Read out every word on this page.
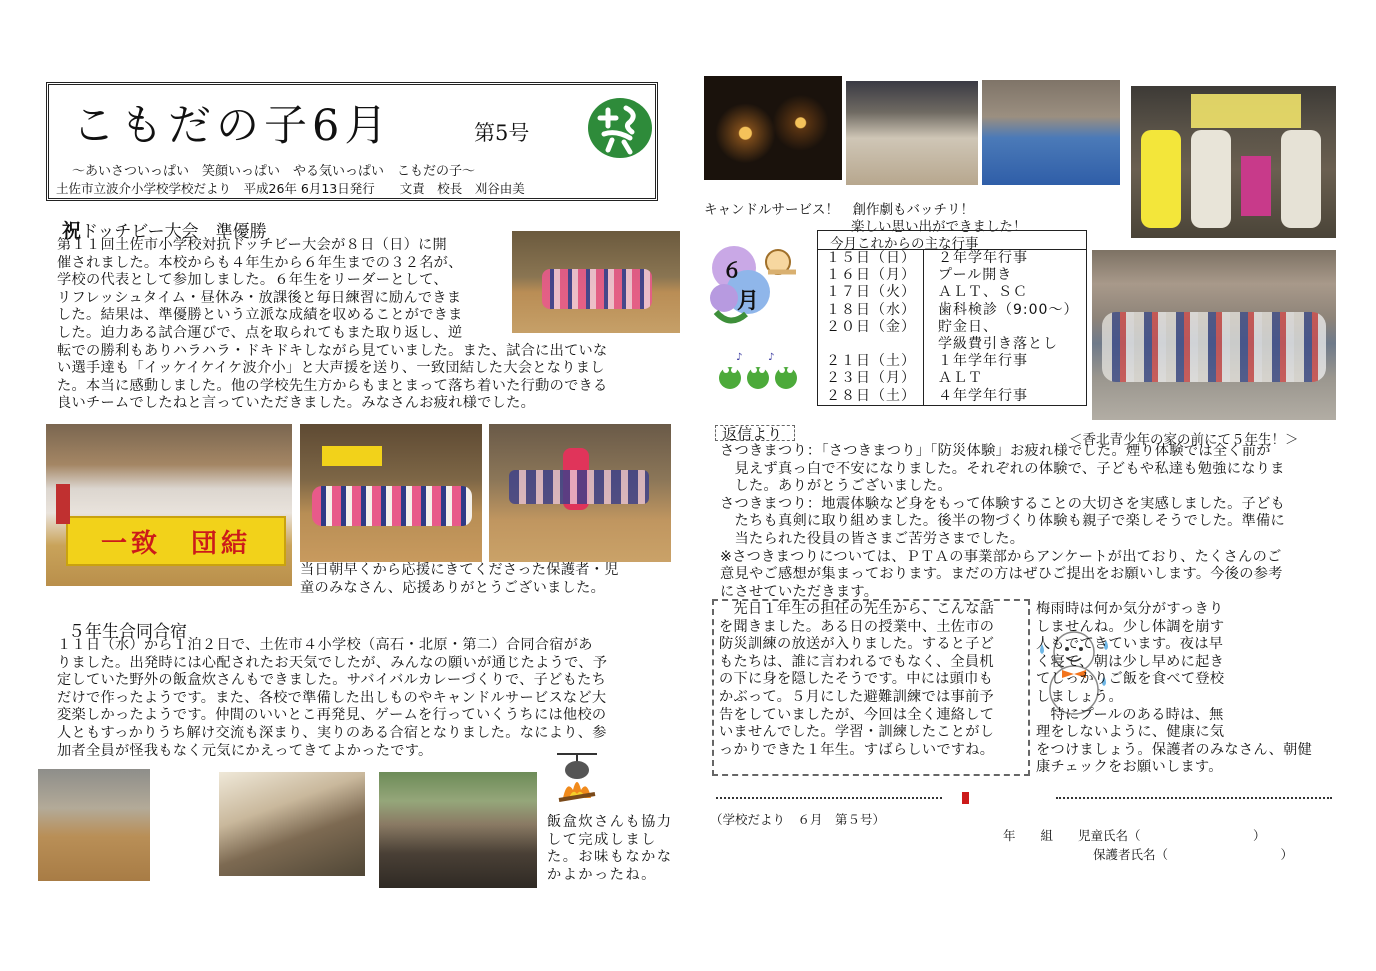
こもだの子6月	第5号
～あいさついっぱい　笑顔いっぱい　やる気いっぱい　こもだの子～
土佐市立波介小学校学校だより　平成26年 6月13日発行　　文責　校長　刈谷由美
祝ドッチビー大会　準優勝
第１１回土佐市小学校対抗ドッチビー大会が８日（日）に開
催されました。本校からも４年生から６年生までの３２名が、
学校の代表として参加しました。６年生をリーダーとして、
リフレッシュタイム・昼休み・放課後と毎日練習に励んできま
した。結果は、準優勝という立派な成績を収めることができま
した。迫力ある試合運びで、点を取られてもまた取り返し、逆
転での勝利もありハラハラ・ドキドキしながら見ていました。また、試合に出ていな
い選手達も「イッケイケイケ波介小」と大声援を送り、一致団結した大会となりまし
た。本当に感動しました。他の学校先生方からもまとまって落ち着いた行動のできる
良いチームでしたねと言っていただきました。みなさんお疲れ様でした。
一致　団結
当日朝早くから応援にきてくださった保護者・児
童のみなさん、応援ありがとうございました。
５年生合同合宿
１１日（水）から１泊２日で、土佐市４小学校（高石・北原・第二）合同合宿があ
りました。出発時には心配されたお天気でしたが、みんなの願いが通じたようで、予
定していた野外の飯盒炊さんもできました。サバイバルカレーづくりで、子どもたち
だけで作ったようです。また、各校で準備した出しものやキャンドルサービスなど大
変楽しかったようです。仲間のいいとこ再発見、ゲームを行っていくうちには他校の
人ともすっかりうち解け交流も深まり、実りのある合宿となりました。なにより、参
加者全員が怪我もなく元気にかえってきてよかったです。
飯盒炊さんも協力
して完成しまし
た。お味もなかな
かよかったね。
キャンドルサービス！　創作劇もバッチリ！
楽しい思い出ができました！
６
月
♪	♪
今月これからの主な行事
１５日（日）	２年学年行事
１６日（月）	プール開き
１７日（火）	ＡＬＴ、ＳＣ
１８日（水）	歯科検診（9:00～）
２０日（金）	貯金日、
学級費引き落とし
２１日（土）	１年学年行事
２３日（月）	ＡＬＴ
２８日（土）	４年学年行事
＜香北青少年の家の前にて５年生！＞
返信より
さつきまつり：「さつきまつり」「防災体験」お疲れ様でした。煙り体験では全く前が
　見えず真っ白で不安になりました。それぞれの体験で、子どもや私達も勉強になりま
　した。ありがとうございました。
さつきまつり：地震体験など身をもって体験することの大切さを実感しました。子ども
　たちも真剣に取り組めました。後半の物づくり体験も親子で楽しそうでした。準備に
　当たられた役員の皆さまご苦労さまでした。
※さつきまつりについては、ＰＴＡの事業部からアンケートが出ており、たくさんのご
意見やご感想が集まっております。まだの方はぜひご提出をお願いします。今後の参考
にさせていただきます。
　先日１年生の担任の先生から、こんな話
を聞きました。ある日の授業中、土佐市の
防災訓練の放送が入りました。すると子ど
もたちは、誰に言われるでもなく、全員机
の下に身を隠したそうです。中には頭巾も
かぶって。５月にした避難訓練では事前予
告をしていましたが、今回は全く連絡して
いませんでした。学習・訓練したことがし
っかりできた１年生。すばらしいですね。
梅雨時は何か気分がすっきり
しませんね。少し体調を崩す
人もでてきています。夜は早
く寝て、朝は少し早めに起き
てしっかりご飯を食べて登校
しましょう。
　特にプールのある時は、無
理をしないように、健康に気
をつけましょう。保護者のみなさん、朝健
康チェックをお願いします。
（学校だより　６月　第５号）
年　　組　　児童氏名（　　　　　　　　　）
保護者氏名（　　　　　　　　　）
